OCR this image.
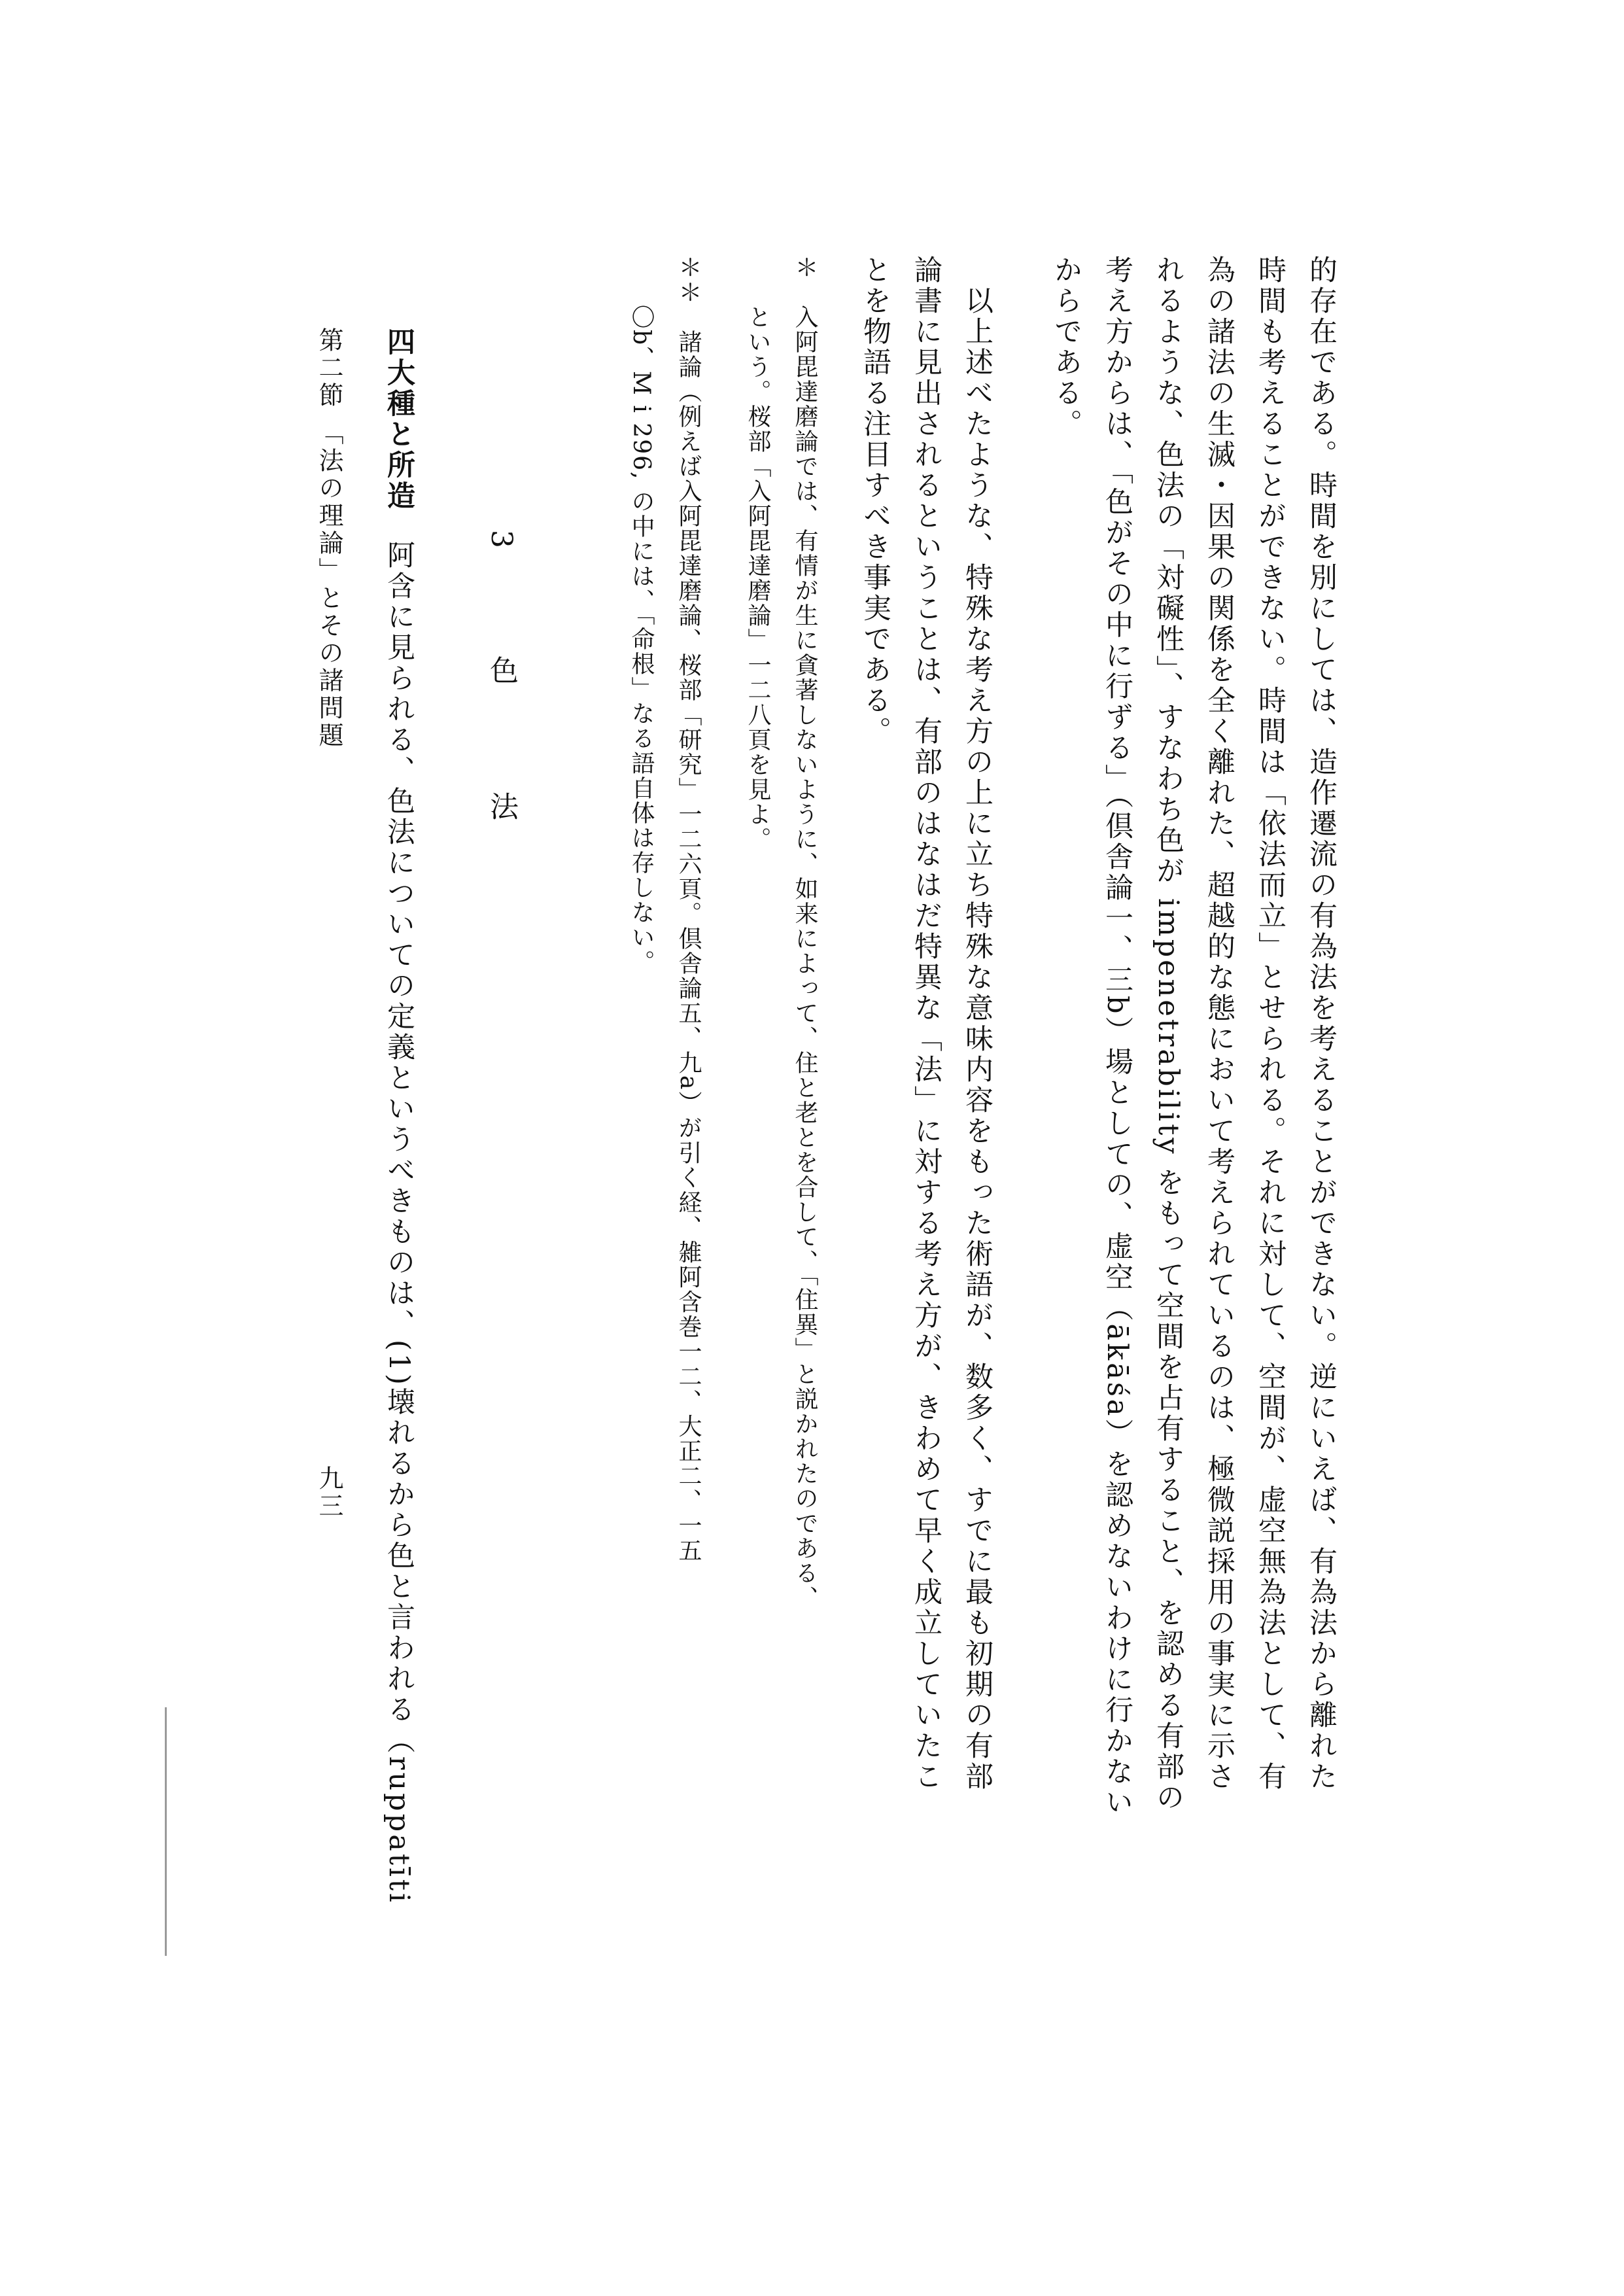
的存在である。時間を別にしては、造作遷流の有為法を考えることができない。逆にいえば、有為法から離れた
時間も考えることができない。時間は「依法而立」とせられる。それに対して、空間が、虚空無為法として、有
為の諸法の生滅・因果の関係を全く離れた、超越的な態において考えられているのは、極微説採用の事実に示さ
れるような、色法の「対礙性」、すなわち色が impenetrability をもって空間を占有すること、を認める有部の
考え方からは、「色がその中に行ずる」（倶舎論一、三b）場としての、虚空（ākāśa）を認めないわけに行かない
からである。
　以上述べたような、特殊な考え方の上に立ち特殊な意味内容をもった術語が、数多く、すでに最も初期の有部
論書に見出されるということは、有部のはなはだ特異な「法」に対する考え方が、きわめて早く成立していたこ
とを物語る注目すべき事実である。
＊　入阿毘達磨論では、有情が生に貪著しないように、如来によって、住と老とを合して、「住異」と説かれたのである、
　　という。桜部「入阿毘達磨論」一二八頁を見よ。
＊＊　諸論（例えば入阿毘達磨論、桜部「研究」一二六頁。倶舎論五、九a）が引く経、雑阿含巻一二、大正二、一五
　　〇b、M i 296, の中には、「命根」なる語自体は存しない。
3　色　法
四大種と所造阿含に見られる、色法についての定義というべきものは、(1)壊れるから色と言われる（ruppatīti
第二節 「法の理論」とその諸問題
九三
